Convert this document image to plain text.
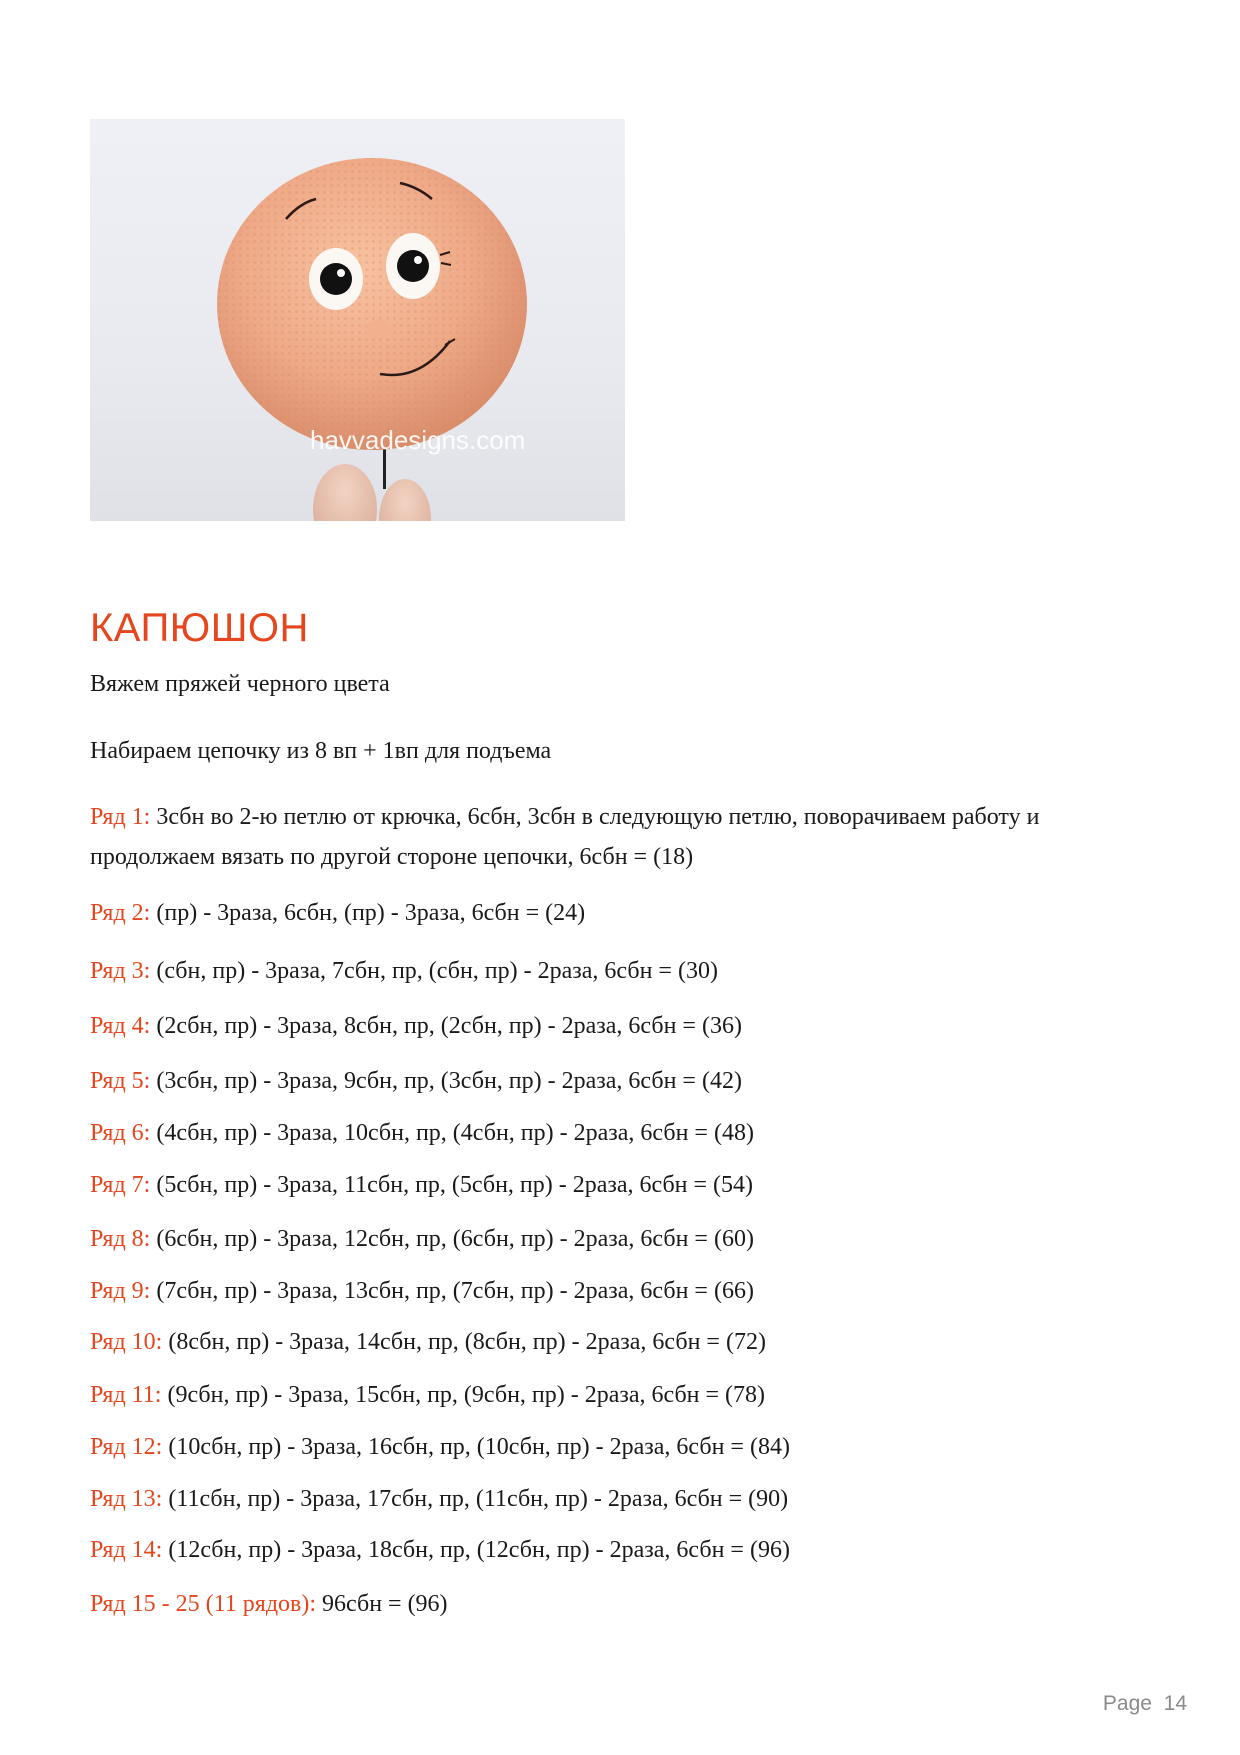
havvadesigns.com
КАПЮШОН

Вяжем пряжей черного цвета

Набираем цепочку из 8 вп + 1вп для подъема

Ряд 1: 3сбн во 2-ю петлю от крючка, 6сбн, 3сбн в следующую петлю, поворачиваем работу и продолжаем вязать по другой стороне цепочки, 6сбн = (18)

Ряд 2: (пр) - 3раза, 6сбн, (пр) - 3раза, 6сбн = (24)

Ряд 3: (сбн, пр) - 3раза, 7сбн, пр, (сбн, пр) - 2раза, 6сбн = (30)

Ряд 4: (2сбн, пр) - 3раза, 8сбн, пр, (2сбн, пр) - 2раза, 6сбн = (36)

Ряд 5: (3сбн, пр) - 3раза, 9сбн, пр, (3сбн, пр) - 2раза, 6сбн = (42)

Ряд 6: (4сбн, пр) - 3раза, 10сбн, пр, (4сбн, пр) - 2раза, 6сбн = (48)

Ряд 7: (5сбн, пр) - 3раза, 11сбн, пр, (5сбн, пр) - 2раза, 6сбн = (54)

Ряд 8: (6сбн, пр) - 3раза, 12сбн, пр, (6сбн, пр) - 2раза, 6сбн = (60)

Ряд 9: (7сбн, пр) - 3раза, 13сбн, пр, (7сбн, пр) - 2раза, 6сбн = (66)

Ряд 10: (8сбн, пр) - 3раза, 14сбн, пр, (8сбн, пр) - 2раза, 6сбн = (72)

Ряд 11: (9сбн, пр) - 3раза, 15сбн, пр, (9сбн, пр) - 2раза, 6сбн = (78)

Ряд 12: (10сбн, пр) - 3раза, 16сбн, пр, (10сбн, пр) - 2раза, 6сбн = (84)

Ряд 13: (11сбн, пр) - 3раза, 17сбн, пр, (11сбн, пр) - 2раза, 6сбн = (90)

Ряд 14: (12сбн, пр) - 3раза, 18сбн, пр, (12сбн, пр) - 2раза, 6сбн = (96)

Ряд 15 - 25 (11 рядов): 96сбн = (96)

Page 14
